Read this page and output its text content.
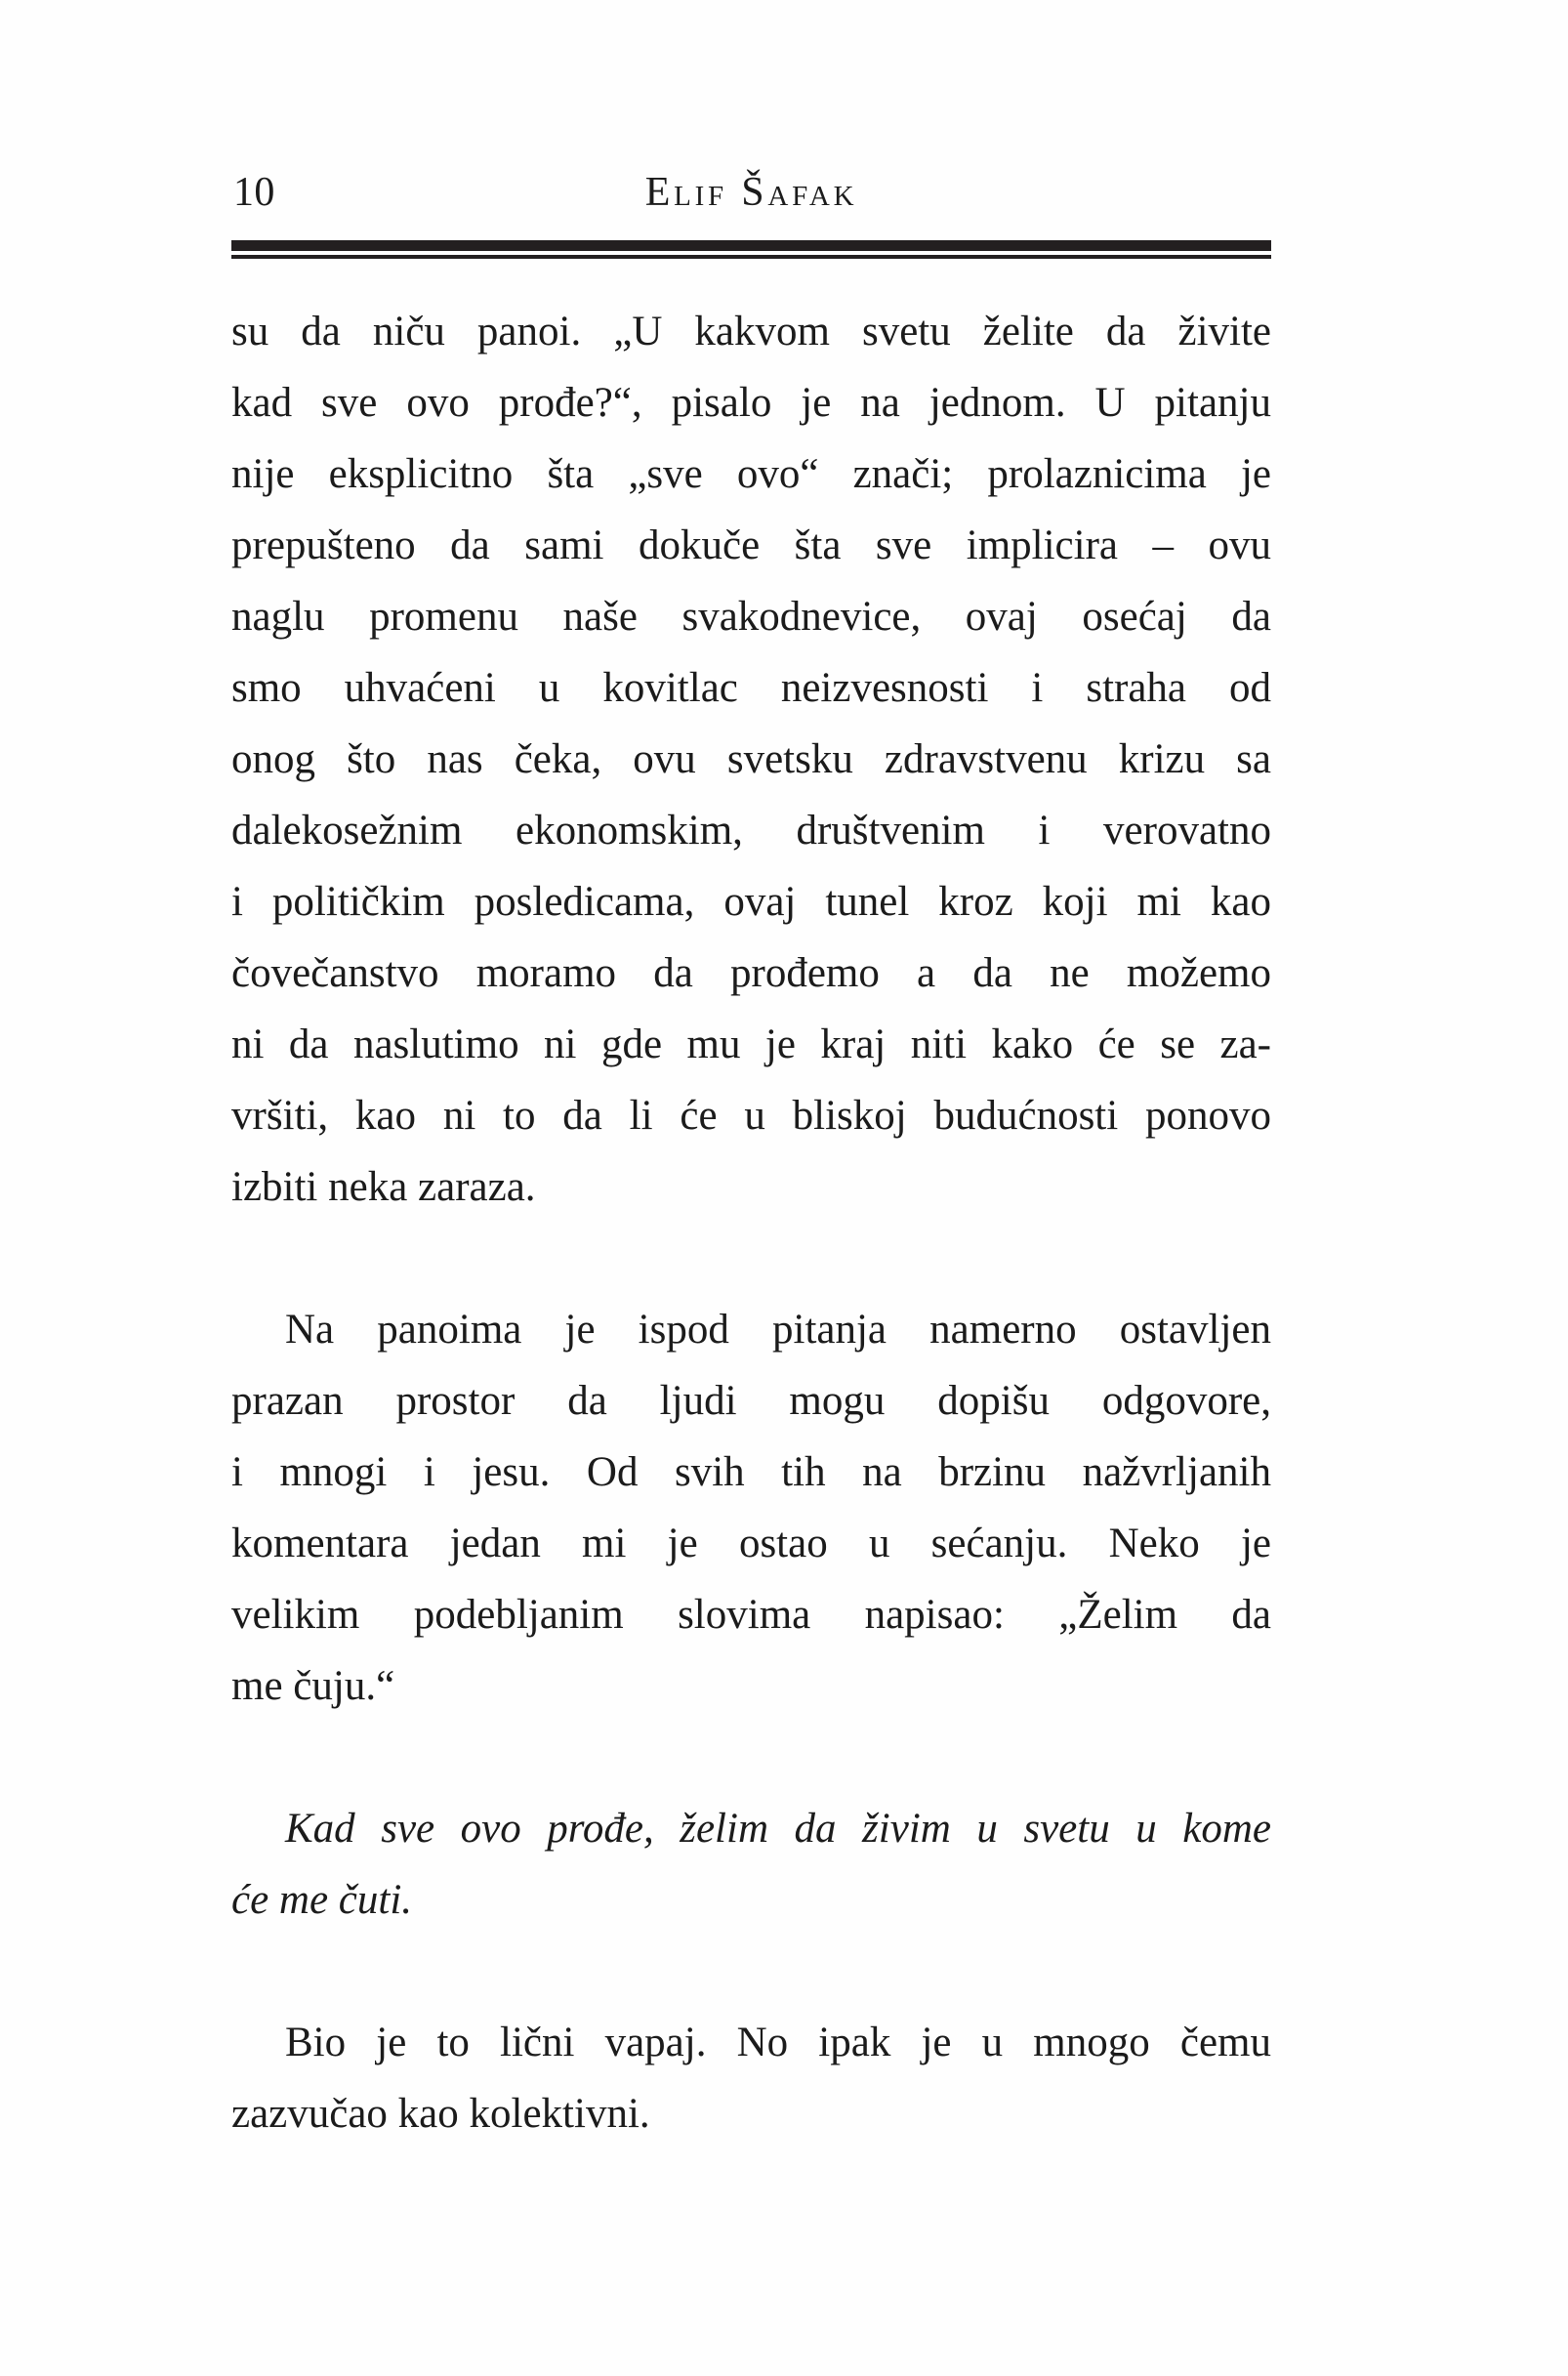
10	Elif Šafak
su da niču panoi. „U kakvom svetu želite da živite
kad sve ovo prođe?“, pisalo je na jednom. U pitanju
nije eksplicitno šta „sve ovo“ znači; prolaznicima je
prepušteno da sami dokuče šta sve implicira – ovu
naglu promenu naše svakodnevice, ovaj osećaj da
smo uhvaćeni u kovitlac neizvesnosti i straha od
onog što nas čeka, ovu svetsku zdravstvenu krizu sa
dalekosežnim ekonomskim, društvenim i verovatno
i političkim posledicama, ovaj tunel kroz koji mi kao
čovečanstvo moramo da prođemo a da ne možemo
ni da naslutimo ni gde mu je kraj niti kako će se za-
vršiti, kao ni to da li će u bliskoj budućnosti ponovo
izbiti neka zaraza.
Na panoima je ispod pitanja namerno ostavljen
prazan prostor da ljudi mogu dopišu odgovore,
i mnogi i jesu. Od svih tih na brzinu nažvrljanih
komentara jedan mi je ostao u sećanju. Neko je
velikim podebljanim slovima napisao: „Želim da
me čuju.“
Kad sve ovo prođe, želim da živim u svetu u kome
će me čuti.
Bio je to lični vapaj. No ipak je u mnogo čemu
zazvučao kao kolektivni.
